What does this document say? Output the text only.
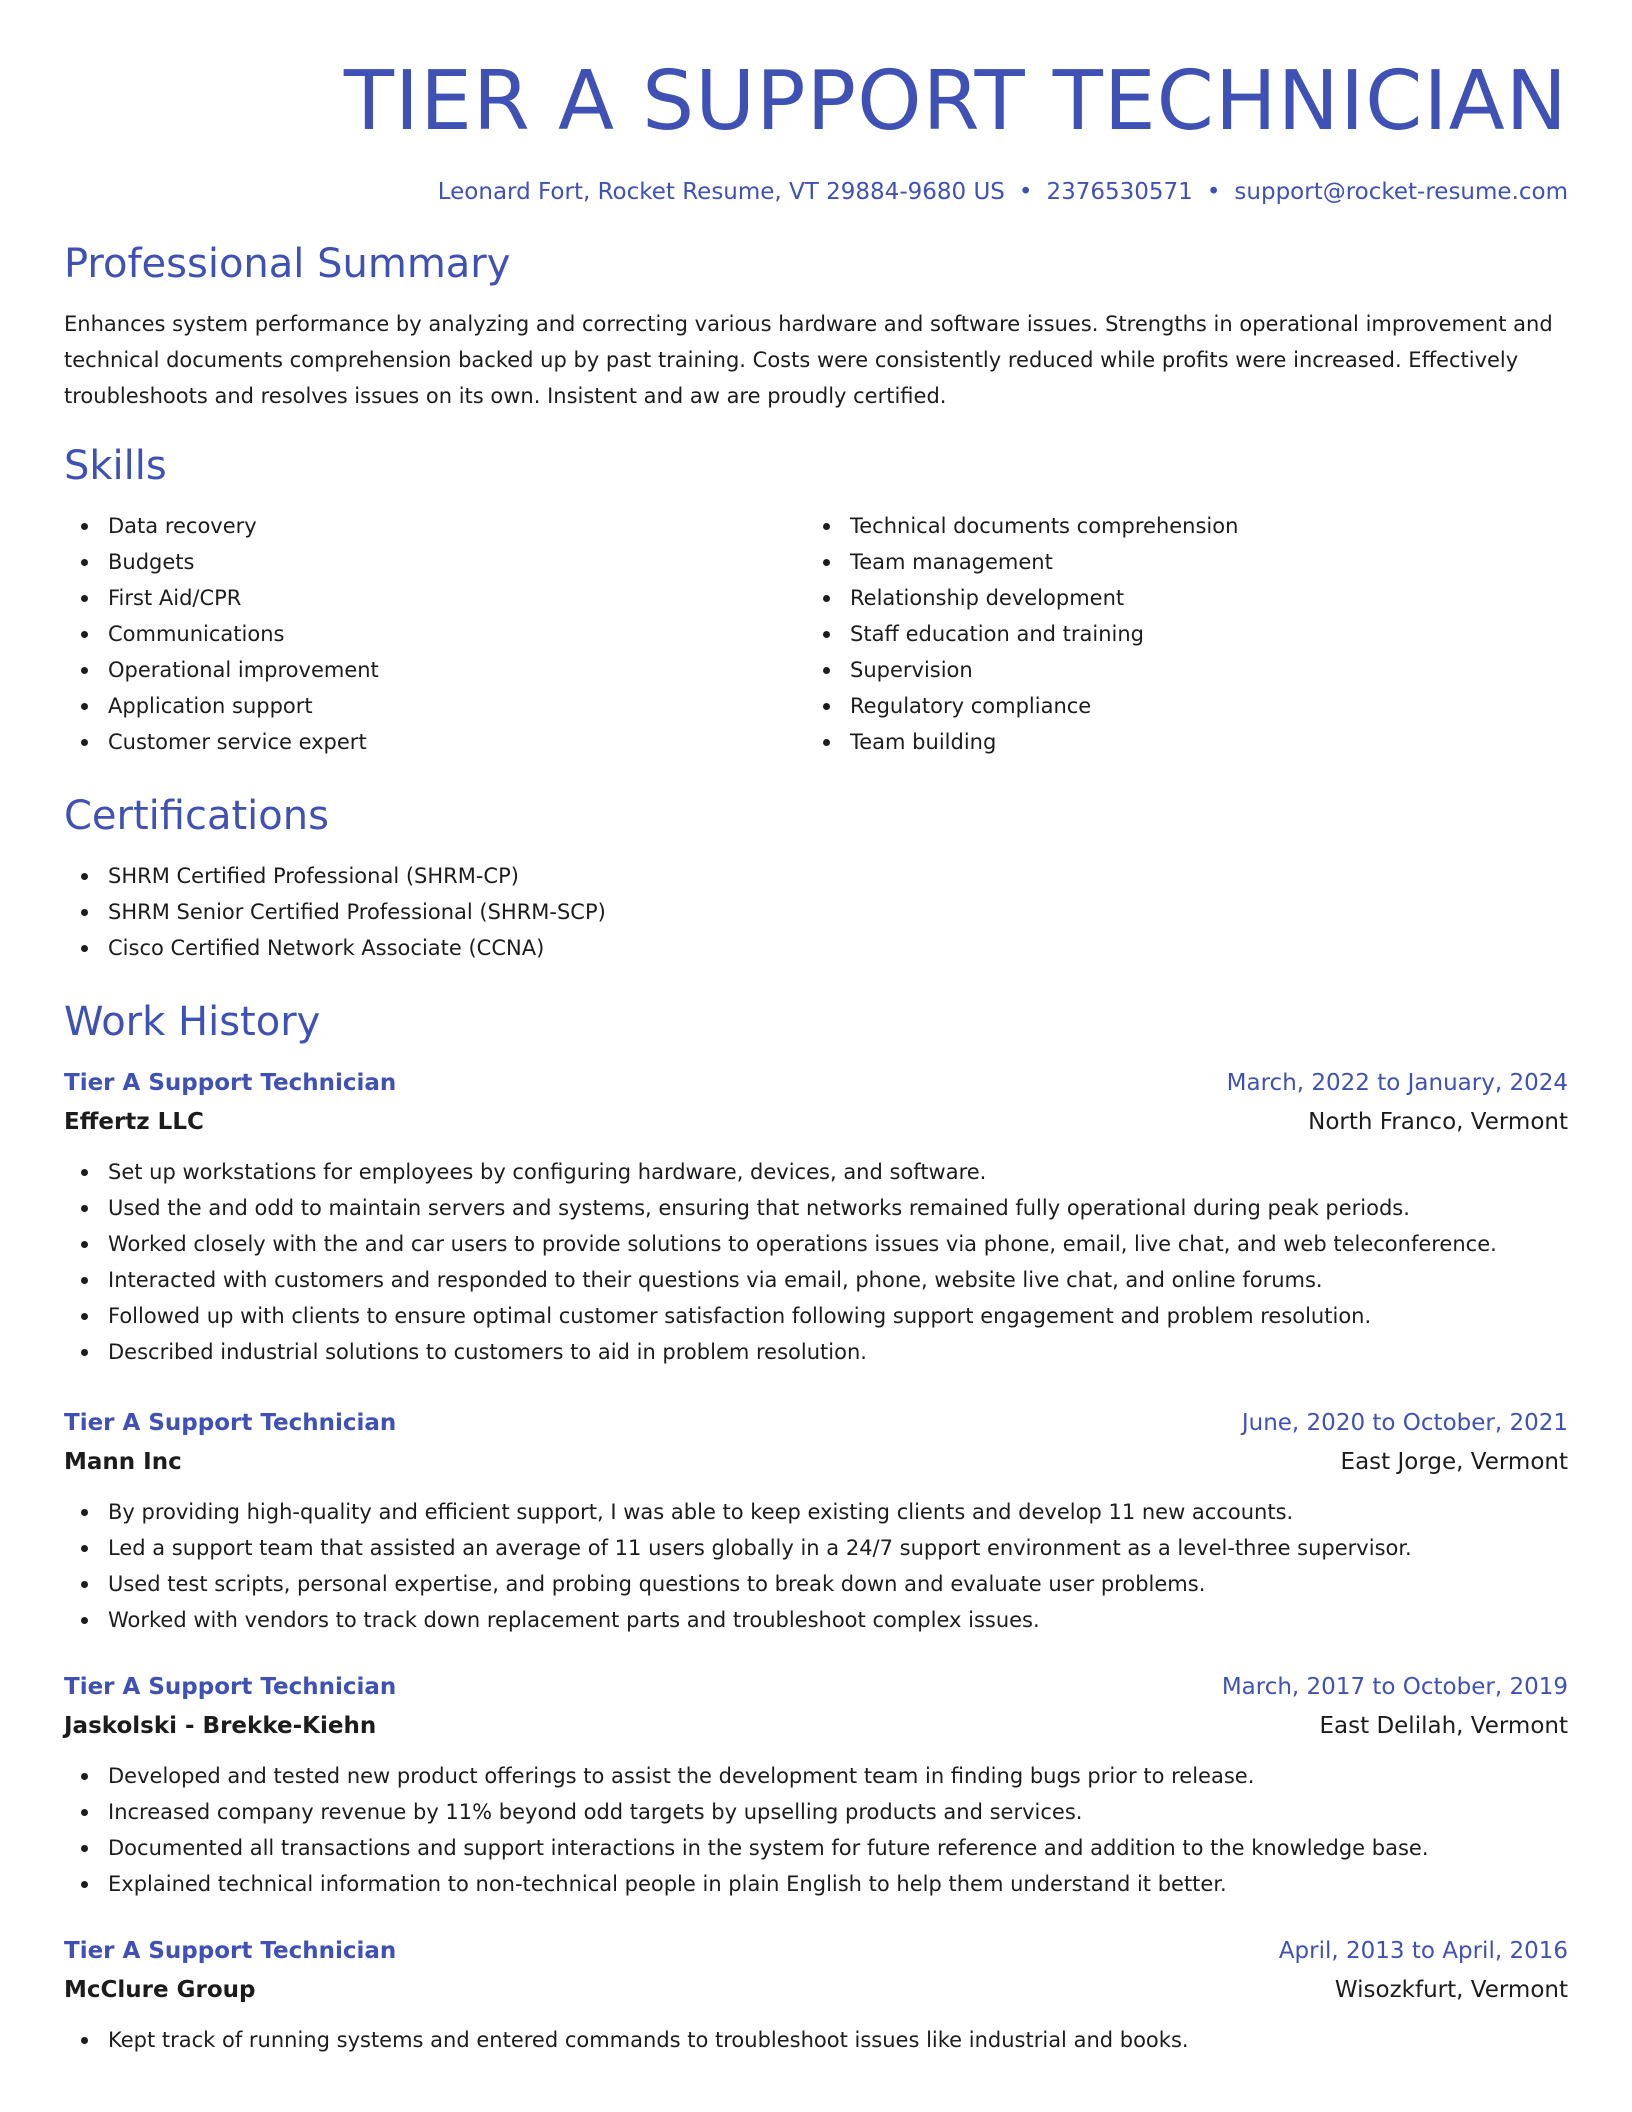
TIER A SUPPORT TECHNICIAN
Leonard Fort, Rocket Resume, VT 29884-9680 US • 2376530571 • support@rocket-resume.com
Professional Summary

Enhances system performance by analyzing and correcting various hardware and software issues. Strengths in operational improvement and technical documents comprehension backed up by past training. Costs were consistently reduced while profits were increased. Effectively troubleshoots and resolves issues on its own. Insistent and aw are proudly certified.

Skills
Data recovery
Budgets
First Aid/CPR
Communications
Operational improvement
Application support
Customer service expert
Technical documents comprehension
Team management
Relationship development
Staff education and training
Supervision
Regulatory compliance
Team building
Certifications
SHRM Certified Professional (SHRM-CP)
SHRM Senior Certified Professional (SHRM-SCP)
Cisco Certified Network Associate (CCNA)
Work History
Tier A Support Technician	March, 2022 to January, 2024
Effertz LLC	North Franco, Vermont
Set up workstations for employees by configuring hardware, devices, and software.
Used the and odd to maintain servers and systems, ensuring that networks remained fully operational during peak periods.
Worked closely with the and car users to provide solutions to operations issues via phone, email, live chat, and web teleconference.
Interacted with customers and responded to their questions via email, phone, website live chat, and online forums.
Followed up with clients to ensure optimal customer satisfaction following support engagement and problem resolution.
Described industrial solutions to customers to aid in problem resolution.
Tier A Support Technician	June, 2020 to October, 2021
Mann Inc	East Jorge, Vermont
By providing high-quality and efficient support, I was able to keep existing clients and develop 11 new accounts.
Led a support team that assisted an average of 11 users globally in a 24/7 support environment as a level-three supervisor.
Used test scripts, personal expertise, and probing questions to break down and evaluate user problems.
Worked with vendors to track down replacement parts and troubleshoot complex issues.
Tier A Support Technician	March, 2017 to October, 2019
Jaskolski - Brekke-Kiehn	East Delilah, Vermont
Developed and tested new product offerings to assist the development team in finding bugs prior to release.
Increased company revenue by 11% beyond odd targets by upselling products and services.
Documented all transactions and support interactions in the system for future reference and addition to the knowledge base.
Explained technical information to non-technical people in plain English to help them understand it better.
Tier A Support Technician	April, 2013 to April, 2016
McClure Group	Wisozkfurt, Vermont
Kept track of running systems and entered commands to troubleshoot issues like industrial and books.
